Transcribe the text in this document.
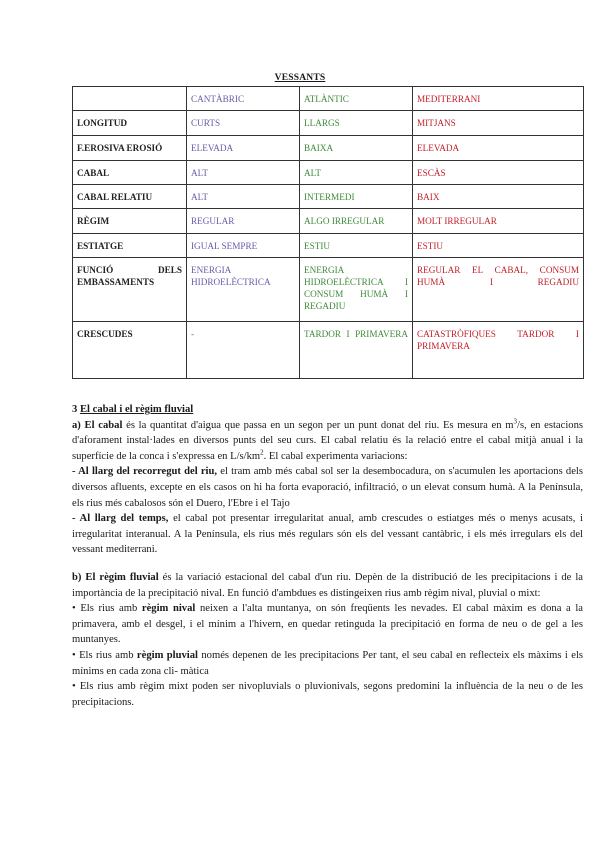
VESSANTS
	CANTÀBRIC	ATLÀNTIC	MEDITERRANI
LONGITUD	CURTS	LLARGS	MITJANS
F.EROSIVA EROSIÓ	ELEVADA	BAIXA	ELEVADA
CABAL	ALT	ALT	ESCÀS
CABAL RELATIU	ALT	INTERMEDI	BAIX
RÈGIM	REGULAR	ALGO IRREGULAR	MOLT IRREGULAR
ESTIATGE	IGUAL SEMPRE	ESTIU	ESTIU
FUNCIÓ DELS EMBASSAMENTS	ENERGIA HIDROELÈCTRICA	ENERGIA HIDROELÈCTRICA I CONSUM HUMÀ I REGADIU	REGULAR EL CABAL, CONSUM HUMÀ I REGADIU
CRESCUDES	-	TARDOR I PRIMAVERA	CATASTRÒFIQUES TARDOR I PRIMAVERA

3 El cabal i el règim fluvial

a) El cabal és la quantitat d'aigua que passa en un segon per un punt donat del riu. Es mesura en $m^3/s$, en estacions d'aforament instal·lades en diversos punts del seu curs. El cabal relatiu és la relació entre el cabal mitjà anual i la superfície de la conca i s'expressa en $L/s/km^2$. El cabal experimenta variacions:

- Al llarg del recorregut del riu, el tram amb més cabal sol ser la desembocadura, on s'acumulen les aportacions dels diversos afluents, excepte en els casos on hi ha forta evaporació, infiltració, o un elevat consum humà. A la Península, els rius més cabalosos són el Duero, l'Ebre i el Tajo

- Al llarg del temps, el cabal pot presentar irregularitat anual, amb crescudes o estiatges més o menys acusats, i irregularitat interanual. A la Península, els rius més regulars són els del vessant cantàbric, i els més irregulars els del vessant mediterrani.

b) El règim fluvial és la variació estacional del cabal d'un riu. Depèn de la distribució de les precipitacions i de la importància de la precipitació nival. En funció d'ambdues es distingeixen rius amb règim nival, pluvial o mixt:

• Els rius amb règim nival neixen a l'alta muntanya, on són freqüents les nevades. El cabal màxim es dona a la primavera, amb el desgel, i el mínim a l'hivern, en quedar retinguda la precipitació en forma de neu o de gel a les muntanyes.

• Els rius amb règim pluvial només depenen de les precipitacions Per tant, el seu cabal en reflecteix els màxims i els mínims en cada zona cli- màtica

• Els rius amb règim mixt poden ser nivopluvials o pluvionivals, segons predomini la influència de la neu o de les precipitacions.
